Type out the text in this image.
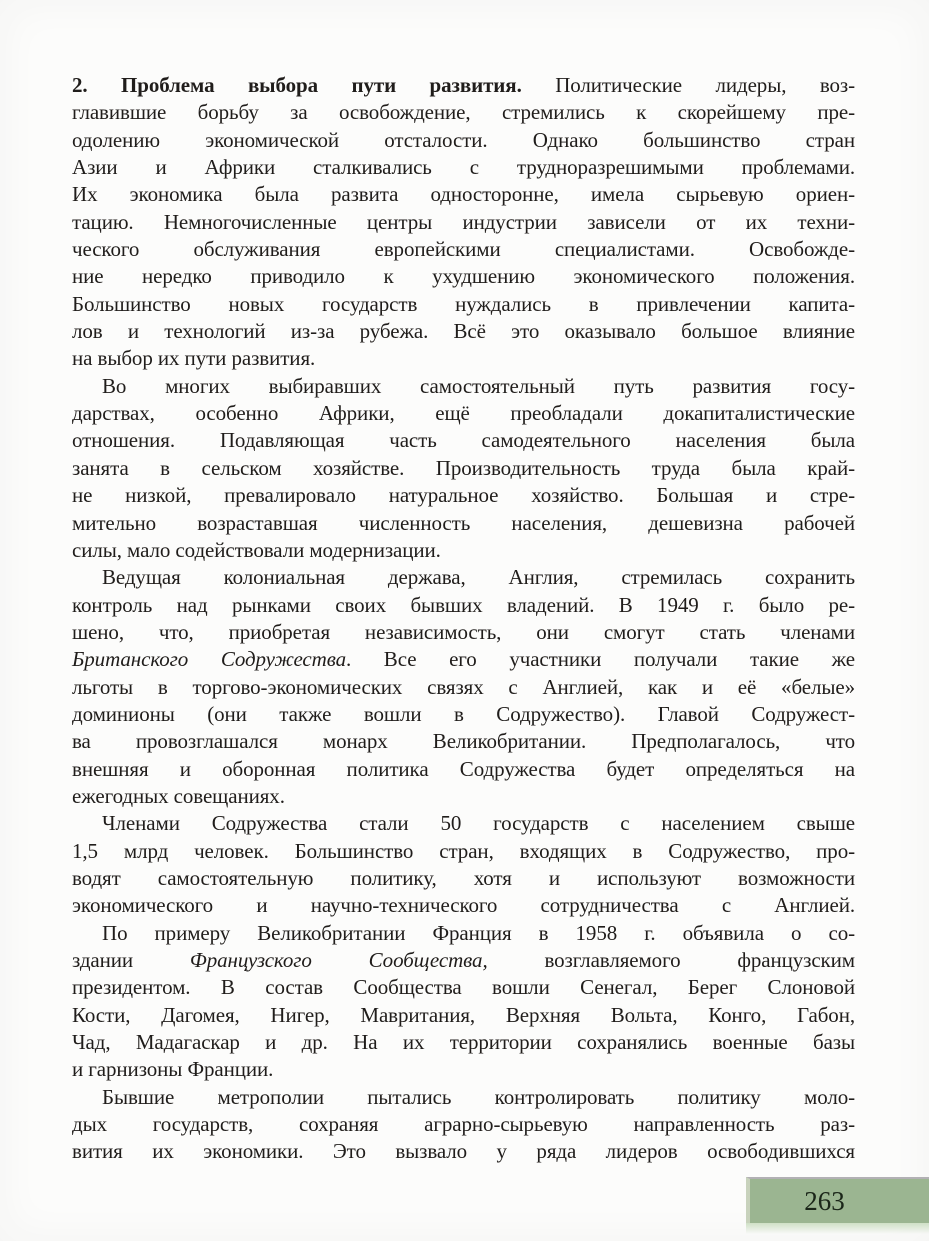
2. Проблема выбора пути развития. Политические лидеры, воз-
главившие борьбу за освобождение, стремились к скорейшему пре-
одолению экономической отсталости. Однако большинство стран
Азии и Африки сталкивались с трудноразрешимыми проблемами.
Их экономика была развита односторонне, имела сырьевую ориен-
тацию. Немногочисленные центры индустрии зависели от их техни-
ческого обслуживания европейскими специалистами. Освобожде-
ние нередко приводило к ухудшению экономического положения.
Большинство новых государств нуждались в привлечении капита-
лов и технологий из-за рубежа. Всё это оказывало большое влияние
на выбор их пути развития.
Во многих выбиравших самостоятельный путь развития госу-
дарствах, особенно Африки, ещё преобладали докапиталистические
отношения. Подавляющая часть самодеятельного населения была
занята в сельском хозяйстве. Производительность труда была край-
не низкой, превалировало натуральное хозяйство. Большая и стре-
мительно возраставшая численность населения, дешевизна рабочей
силы, мало содействовали модернизации.
Ведущая колониальная держава, Англия, стремилась сохранить
контроль над рынками своих бывших владений. В 1949 г. было ре-
шено, что, приобретая независимость, они смогут стать членами
Британского Содружества. Все его участники получали такие же
льготы в торгово-экономических связях с Англией, как и её «белые»
доминионы (они также вошли в Содружество). Главой Содружест-
ва провозглашался монарх Великобритании. Предполагалось, что
внешняя и оборонная политика Содружества будет определяться на
ежегодных совещаниях.
Членами Содружества стали 50 государств с населением свыше
1,5 млрд человек. Большинство стран, входящих в Содружество, про-
водят самостоятельную политику, хотя и используют возможности
экономического и научно-технического сотрудничества с Англией.
По примеру Великобритании Франция в 1958 г. объявила о со-
здании Французского Сообщества, возглавляемого французским
президентом. В состав Сообщества вошли Сенегал, Берег Слоновой
Кости, Дагомея, Нигер, Мавритания, Верхняя Вольта, Конго, Габон,
Чад, Мадагаскар и др. На их территории сохранялись военные базы
и гарнизоны Франции.
Бывшие метрополии пытались контролировать политику моло-
дых государств, сохраняя аграрно-сырьевую направленность раз-
вития их экономики. Это вызвало у ряда лидеров освободившихся
263
